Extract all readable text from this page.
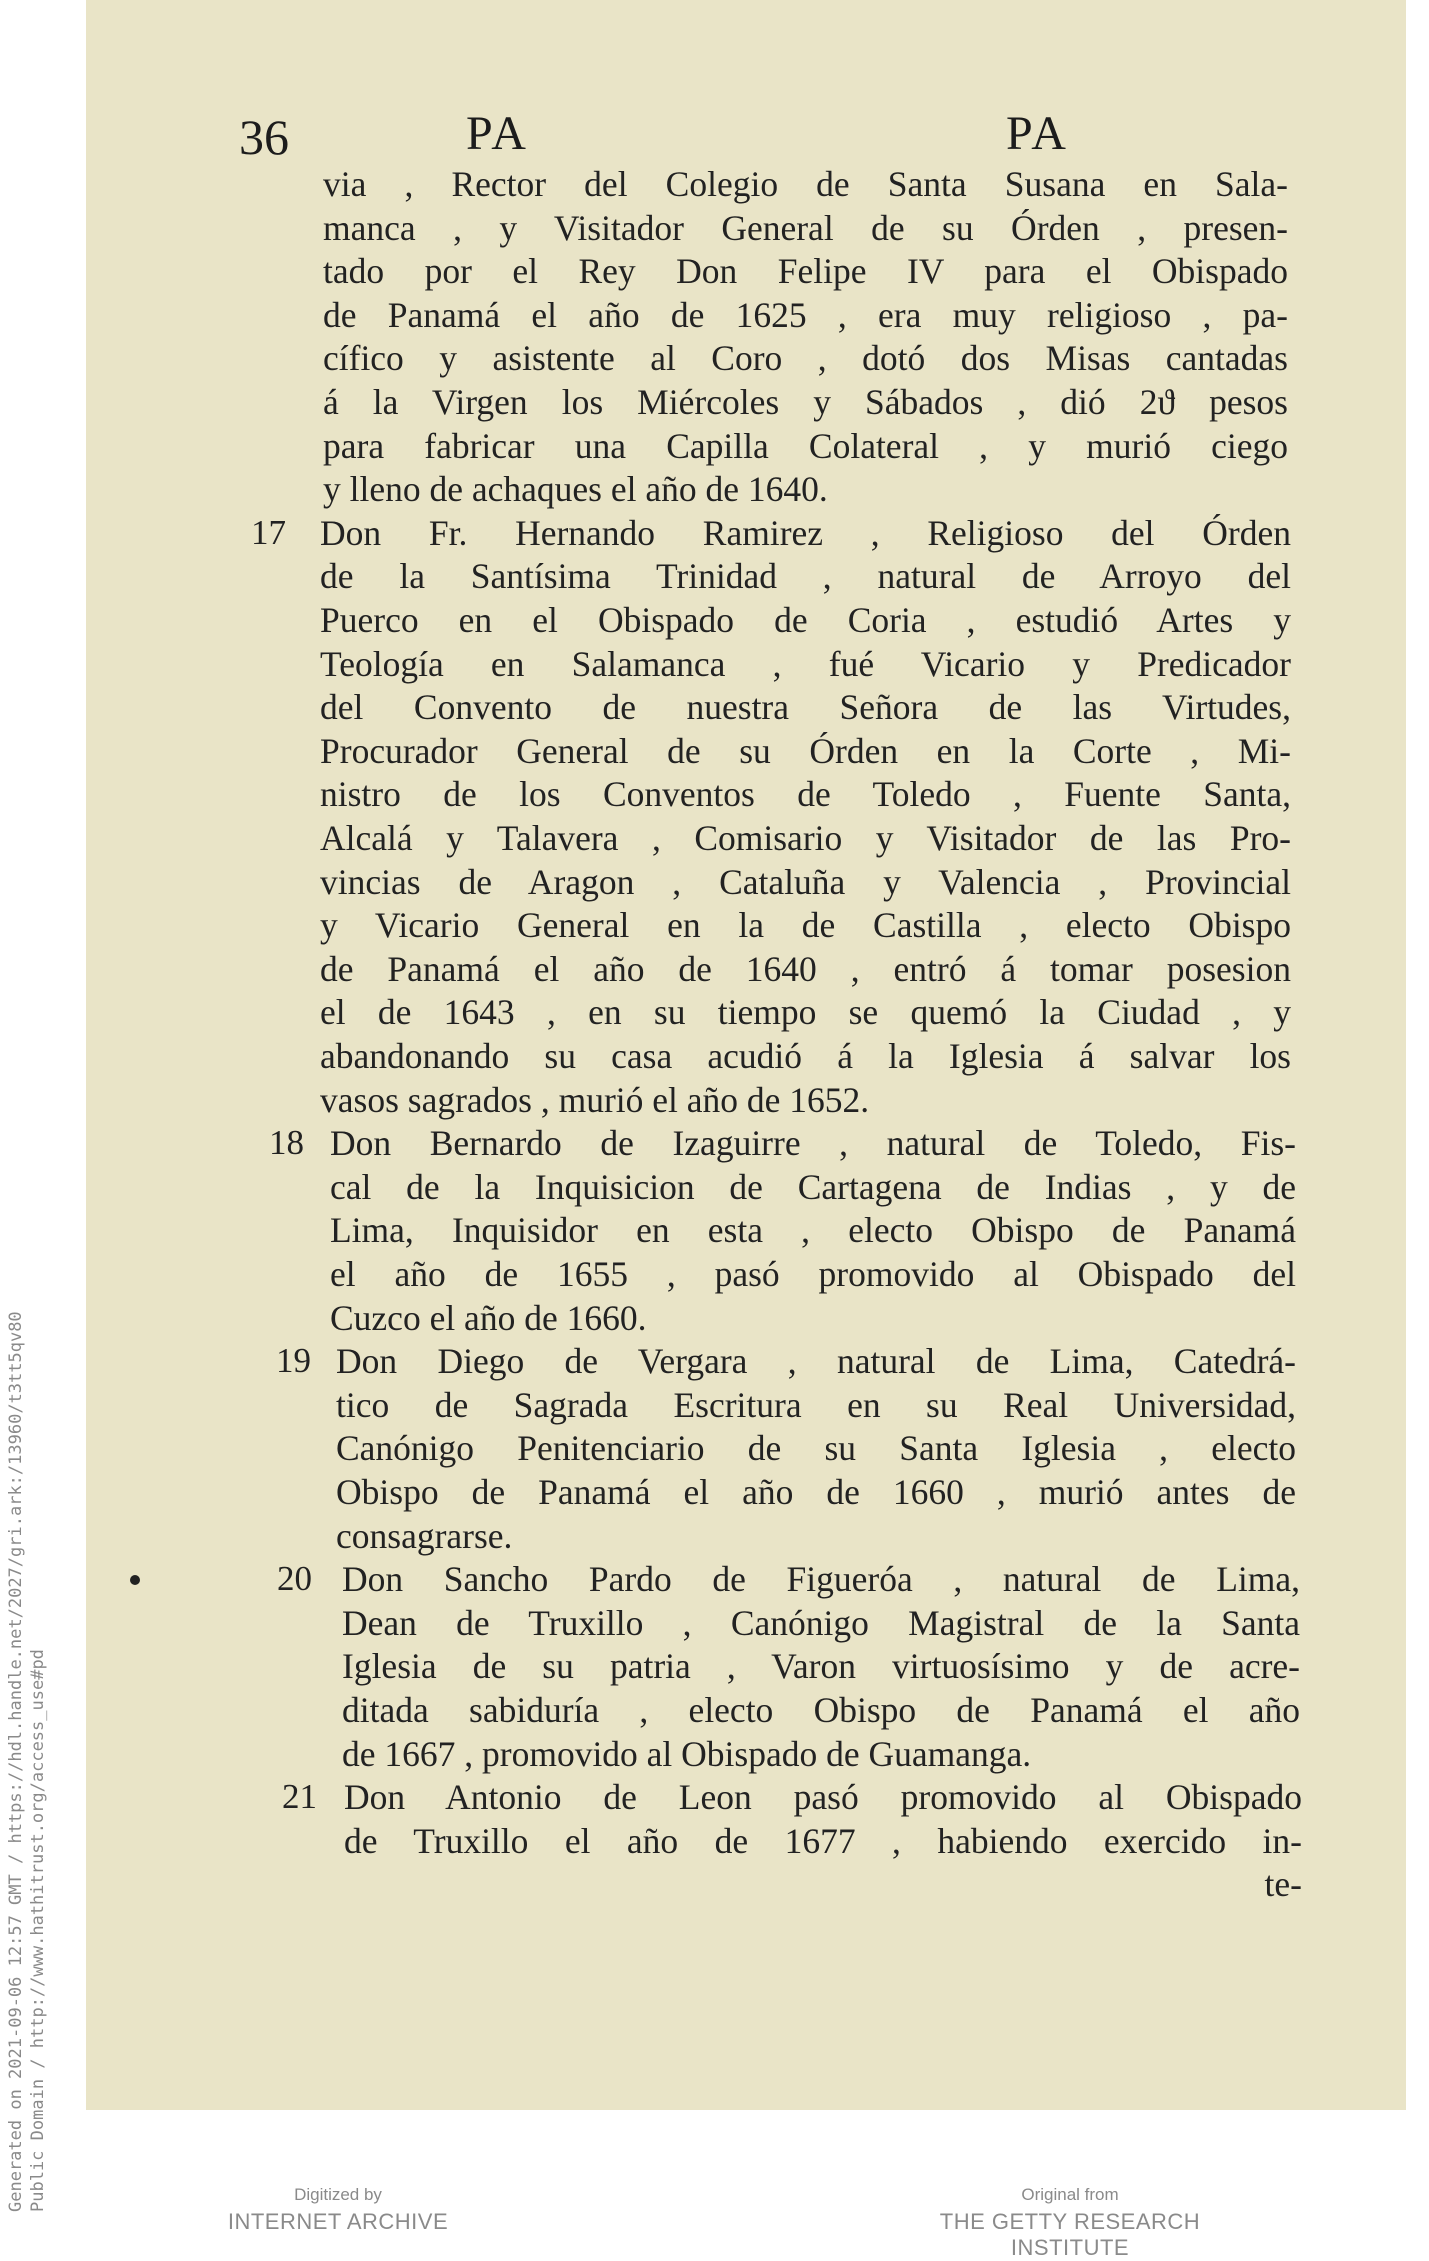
Generated on 2021-09-06 12:57 GMT / https://hdl.handle.net/2027/gri.ark:/13960/t3tt5qv80 Public Domain / http://www.hathitrust.org/access_use#pd
36	PA	PA
via , Rector del Colegio de Santa Susana en Sala-
manca , y Visitador General de su Órden , presen-
tado por el Rey Don Felipe IV para el Obispado
de Panamá el año de 1625 , era muy religioso , pa-
cífico y asistente al Coro , dotó dos Misas cantadas
á la Virgen los Miércoles y Sábados , dió 2ϑ pesos
para fabricar una Capilla Colateral , y murió ciego
y lleno de achaques el año de 1640.
Don Fr. Hernando Ramirez , Religioso del Órden
de la Santísima Trinidad , natural de Arroyo del
Puerco en el Obispado de Coria , estudió Artes y
Teología en Salamanca , fué Vicario y Predicador
del Convento de nuestra Señora de las Virtudes,
Procurador General de su Órden en la Corte , Mi-
nistro de los Conventos de Toledo , Fuente Santa,
Alcalá y Talavera , Comisario y Visitador de las Pro-
vincias de Aragon , Cataluña y Valencia , Provincial
y Vicario General en la de Castilla , electo Obispo
de Panamá el año de 1640 , entró á tomar posesion
el de 1643 , en su tiempo se quemó la Ciudad , y
abandonando su casa acudió á la Iglesia á salvar los
vasos sagrados , murió el año de 1652.
Don Bernardo de Izaguirre , natural de Toledo, Fis-
cal de la Inquisicion de Cartagena de Indias , y de
Lima, Inquisidor en esta , electo Obispo de Panamá
el año de 1655 , pasó promovido al Obispado del
Cuzco el año de 1660.
Don Diego de Vergara , natural de Lima, Catedrá-
tico de Sagrada Escritura en su Real Universidad,
Canónigo Penitenciario de su Santa Iglesia , electo
Obispo de Panamá el año de 1660 , murió antes de
consagrarse.
Don Sancho Pardo de Figueróa , natural de Lima,
Dean de Truxillo , Canónigo Magistral de la Santa
Iglesia de su patria , Varon virtuosísimo y de acre-
ditada sabiduría , electo Obispo de Panamá el año
de 1667 , promovido al Obispado de Guamanga.
Don Antonio de Leon pasó promovido al Obispado
de Truxillo el año de 1677 , habiendo exercido in-
te-
17
18
19
20
21
Digitized by
INTERNET ARCHIVE
Original from
THE GETTY RESEARCH INSTITUTE
